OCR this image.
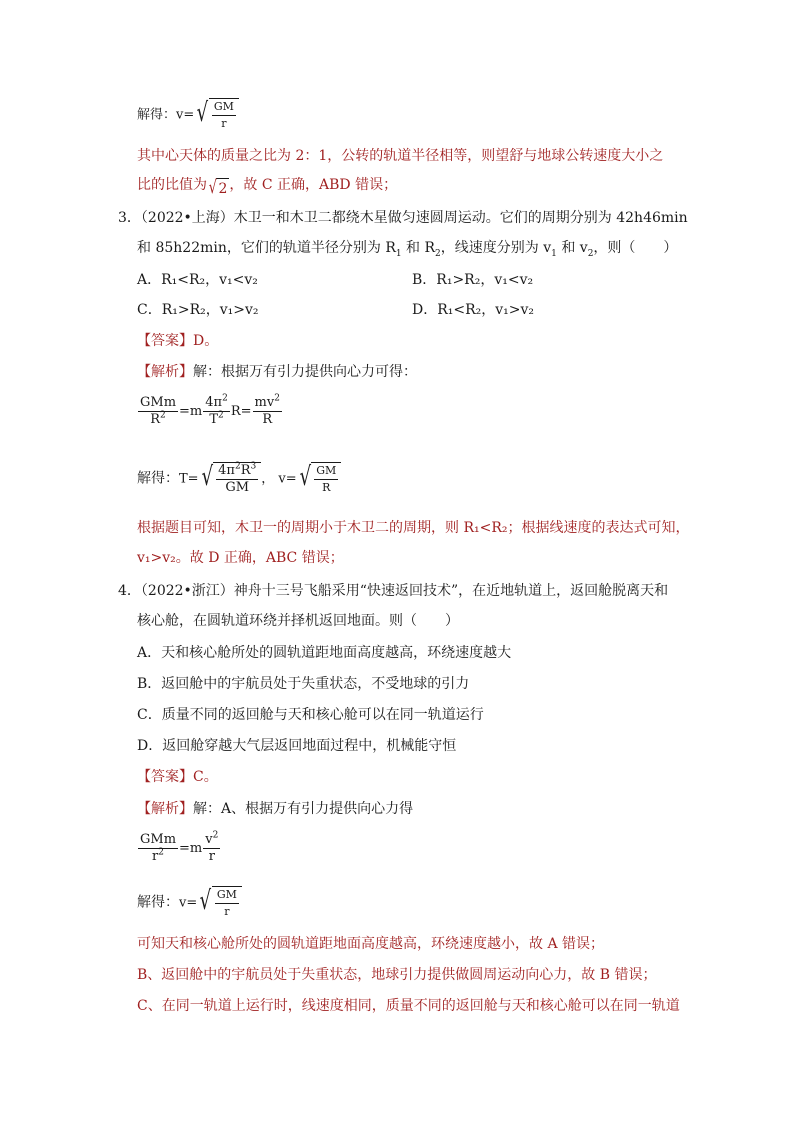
解得：v= √ $\frac{GM}{r}$
其中心天体的质量之比为 2：1，公转的轨道半径相等，则望舒与地球公转速度大小之
比的比值为 √ 2 ，故 C 正确，ABD 错误；
3．（2022•上海）木卫一和木卫二都绕木星做匀速圆周运动。它们的周期分别为 42h46min
和 85h22min，它们的轨道半径分别为 $R_1$ 和 $R_2$，线速度分别为 $v_1$ 和 $v_2$，则（　　）
A．R₁<R₂，v₁<v₂	B．R₁>R₂，v₁<v₂
C．R₁>R₂，v₁>v₂	D．R₁<R₂，v₁>v₂
【答案】D。
【解析】解：根据万有引力提供向心力可得：
$\frac{\text{GMm}}{R^2} =m \frac{4\pi^2}{T^2} R= \frac{mv^2}{R}$
解得：T= √ $\frac{4\pi^2R^3}{GM}$ ， v= √ $\frac{GM}{R}$
根据题目可知，木卫一的周期小于木卫二的周期，则 R₁<R₂；根据线速度的表达式可知，
v₁>v₂。故 D 正确，ABC 错误；
4．（2022•浙江）神舟十三号飞船采用“快速返回技术”，在近地轨道上，返回舱脱离天和
核心舱，在圆轨道环绕并择机返回地面。则（　　）
A．天和核心舱所处的圆轨道距地面高度越高，环绕速度越大
B．返回舱中的宇航员处于失重状态，不受地球的引力
C．质量不同的返回舱与天和核心舱可以在同一轨道运行
D．返回舱穿越大气层返回地面过程中，机械能守恒
【答案】C。
【解析】解：A、根据万有引力提供向心力得
$\frac{\text{GMm}}{r^2} =m \frac{v^2}{r}$
解得：v= √ $\frac{GM}{r}$
可知天和核心舱所处的圆轨道距地面高度越高，环绕速度越小，故 A 错误；
B、返回舱中的宇航员处于失重状态，地球引力提供做圆周运动向心力，故 B 错误；
C、在同一轨道上运行时，线速度相同，质量不同的返回舱与天和核心舱可以在同一轨道
